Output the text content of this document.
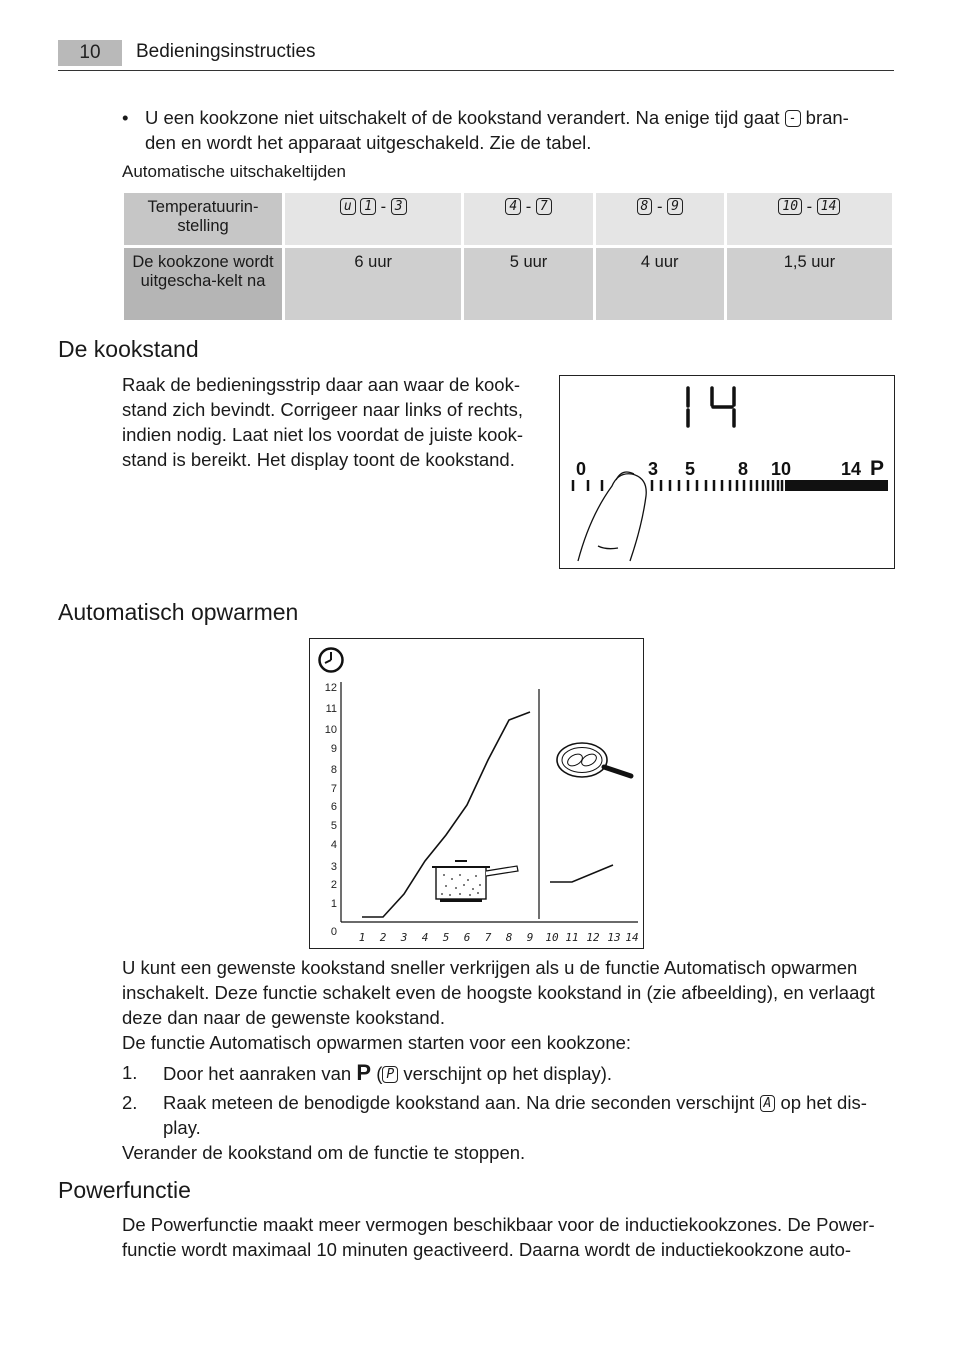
10	Bedieningsinstructies
• U een kookzone niet uitschakelt of de kookstand verandert. Na enige tijd gaat - bran-
den en wordt het apparaat uitgeschakeld. Zie de tabel.
Automatische uitschakeltijden
Temperatuurin-stelling	u 1 - 3	4 - 7	8 - 9	10 - 14
De kookzone wordt uitgescha-kelt na	6 uur	5 uur	4 uur	1,5 uur
De kookstand
Raak de bedieningsstrip daar aan waar de kook-
stand zich bevindt. Corrigeer naar links of rechts,
indien nodig. Laat niet los voordat de juiste kook-
stand is bereikt. Het display toont de kookstand.
14
0	3 5 8 10	14 P
Automatisch opwarmen
12
11
10
9
8
7
6
5
4
3
2
1
0 1 2 3 4 5 6 7 8 9 10 11 12 13 14
U kunt een gewenste kookstand sneller verkrijgen als u de functie Automatisch opwarmen
inschakelt. Deze functie schakelt even de hoogste kookstand in (zie afbeelding), en verlaagt
deze dan naar de gewenste kookstand.
De functie Automatisch opwarmen starten voor een kookzone:
1. Door het aanraken van P ( P verschijnt op het display).
2. Raak meteen de benodigde kookstand aan. Na drie seconden verschijnt A op het dis-
play.
Verander de kookstand om de functie te stoppen.
Powerfunctie
De Powerfunctie maakt meer vermogen beschikbaar voor de inductiekookzones. De Power-
functie wordt maximaal 10 minuten geactiveerd. Daarna wordt de inductiekookzone auto-
